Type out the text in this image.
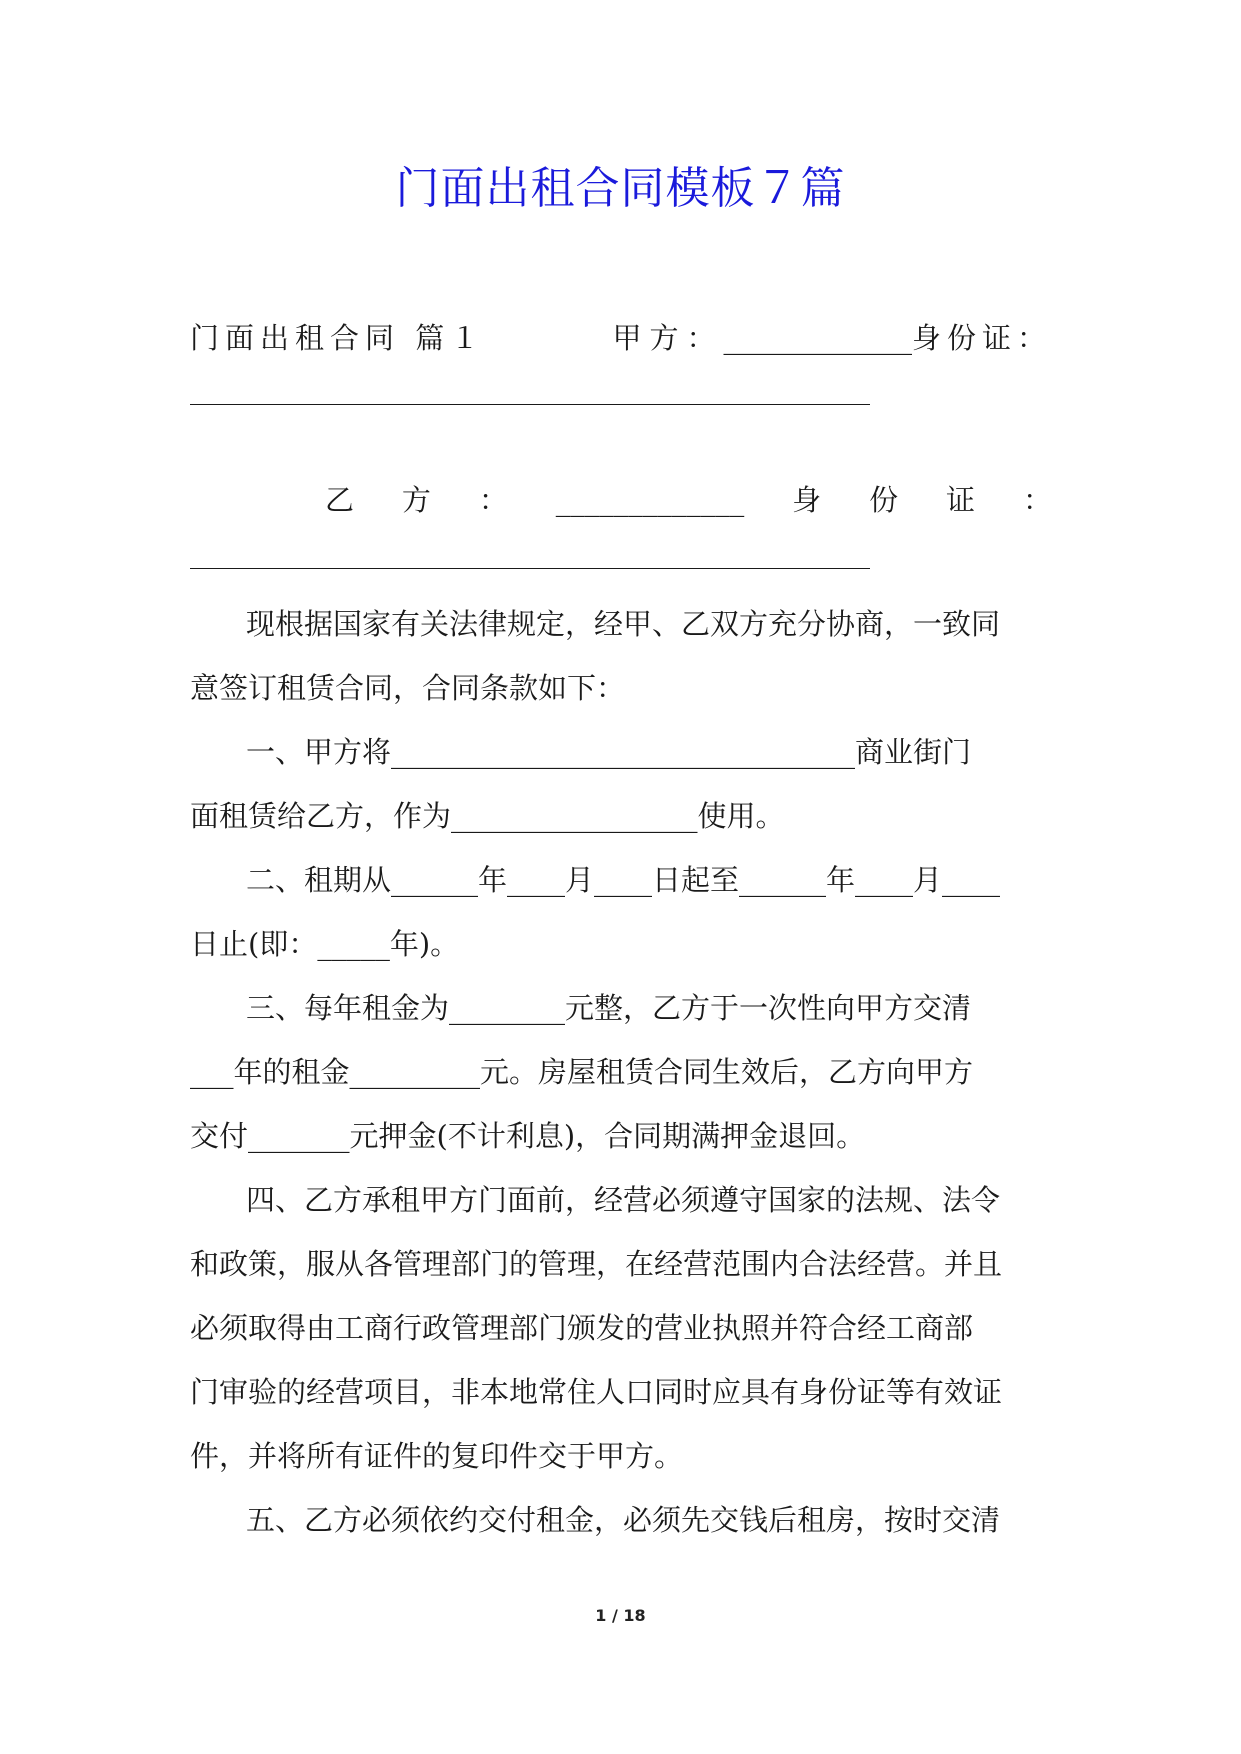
门面出租合同模板７篇
门面出租合同 篇１	甲方： _____________ 身份证：
乙 方 ： _____________ 身 份 证 ：
现根据国家有关法律规定，经甲、乙双方充分协商，一致同
意签订租赁合同，合同条款如下：
一、甲方将________________________________商业街门
面租赁给乙方，作为_________________使用。
二、租期从______年____月____日起至______年____月____
日止(即：_____年)。
三、每年租金为________元整，乙方于一次性向甲方交清
___年的租金_________元。房屋租赁合同生效后，乙方向甲方
交付_______元押金(不计利息)，合同期满押金退回。
四、乙方承租甲方门面前，经营必须遵守国家的法规、法令
和政策，服从各管理部门的管理，在经营范围内合法经营。并且
必须取得由工商行政管理部门颁发的营业执照并符合经工商部
门审验的经营项目，非本地常住人口同时应具有身份证等有效证
件，并将所有证件的复印件交于甲方。
五、乙方必须依约交付租金，必须先交钱后租房，按时交清
1 / 18
